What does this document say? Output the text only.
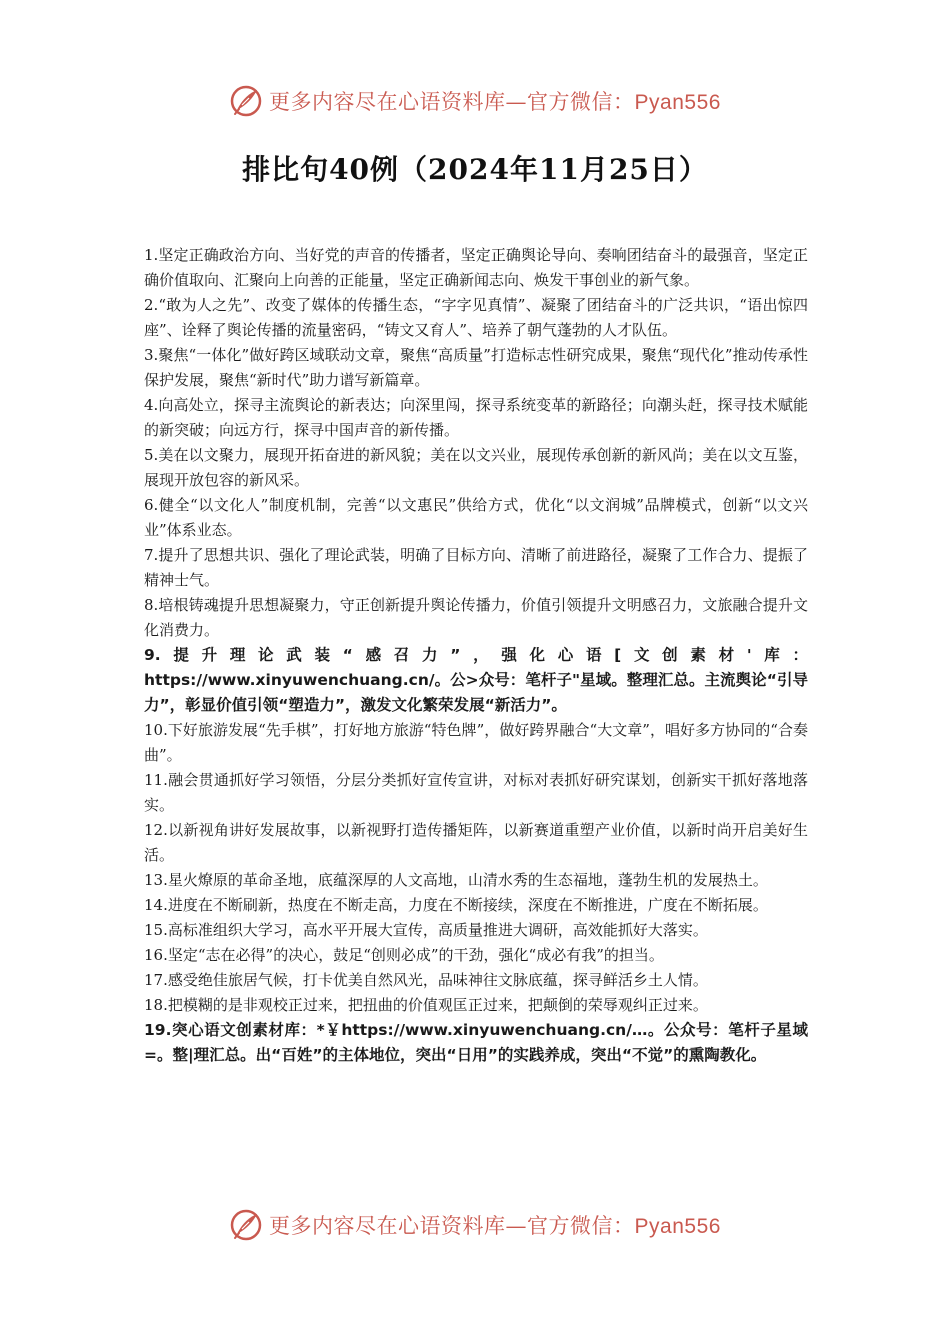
更多内容尽在心语资料库—官方微信：Pyan556
排比句40例（2024年11月25日）

1.坚定正确政治方向、当好党的声音的传播者，坚定正确舆论导向、奏响团结奋斗的最强音，坚定正确价值取向、汇聚向上向善的正能量，坚定正确新闻志向、焕发干事创业的新气象。

2.“敢为人之先”、改变了媒体的传播生态，“字字见真情”、凝聚了团结奋斗的广泛共识，“语出惊四座”、诠释了舆论传播的流量密码，“铸文又育人”、培养了朝气蓬勃的人才队伍。

3.聚焦“一体化”做好跨区域联动文章，聚焦“高质量”打造标志性研究成果，聚焦“现代化”推动传承性保护发展，聚焦“新时代”助力谱写新篇章。

4.向高处立，探寻主流舆论的新表达；向深里闯，探寻系统变革的新路径；向潮头赶，探寻技术赋能的新突破；向远方行，探寻中国声音的新传播。

5.美在以文聚力，展现开拓奋进的新风貌；美在以文兴业，展现传承创新的新风尚；美在以文互鉴，展现开放包容的新风采。

6.健全“以文化人”制度机制，完善“以文惠民”供给方式，优化“以文润城”品牌模式，创新“以文兴业”体系业态。

7.提升了思想共识、强化了理论武装，明确了目标方向、清晰了前进路径，凝聚了工作合力、提振了精神士气。

8.培根铸魂提升思想凝聚力，守正创新提升舆论传播力，价值引领提升文明感召力，文旅融合提升文化消费力。

9.提升理论武装“感召力”，强化心语[文创素材'库：https://www.xinyuwenchuang.cn/。公>众号：笔杆子"星域。整理汇总。主流舆论“引导力”，彰显价值引领“塑造力”，激发文化繁荣发展“新活力”。

10.下好旅游发展“先手棋”，打好地方旅游“特色牌”，做好跨界融合“大文章”，唱好多方协同的“合奏曲”。

11.融会贯通抓好学习领悟，分层分类抓好宣传宣讲，对标对表抓好研究谋划，创新实干抓好落地落实。

12.以新视角讲好发展故事，以新视野打造传播矩阵，以新赛道重塑产业价值，以新时尚开启美好生活。

13.星火燎原的革命圣地，底蕴深厚的人文高地，山清水秀的生态福地，蓬勃生机的发展热土。

14.进度在不断刷新，热度在不断走高，力度在不断接续，深度在不断推进，广度在不断拓展。

15.高标准组织大学习，高水平开展大宣传，高质量推进大调研，高效能抓好大落实。

16.坚定“志在必得”的决心，鼓足“创则必成”的干劲，强化“成必有我”的担当。

17.感受绝佳旅居气候，打卡优美自然风光，品味神往文脉底蕴，探寻鲜活乡土人情。

18.把模糊的是非观校正过来，把扭曲的价值观匡正过来，把颠倒的荣辱观纠正过来。

19.突心语文创素材库：*￥https://www.xinyuwenchuang.cn/…。公众号：笔杆子星域=。整|理汇总。出“百姓”的主体地位，突出“日用”的实践养成，突出“不觉”的熏陶教化。

更多内容尽在心语资料库—官方微信：Pyan556
